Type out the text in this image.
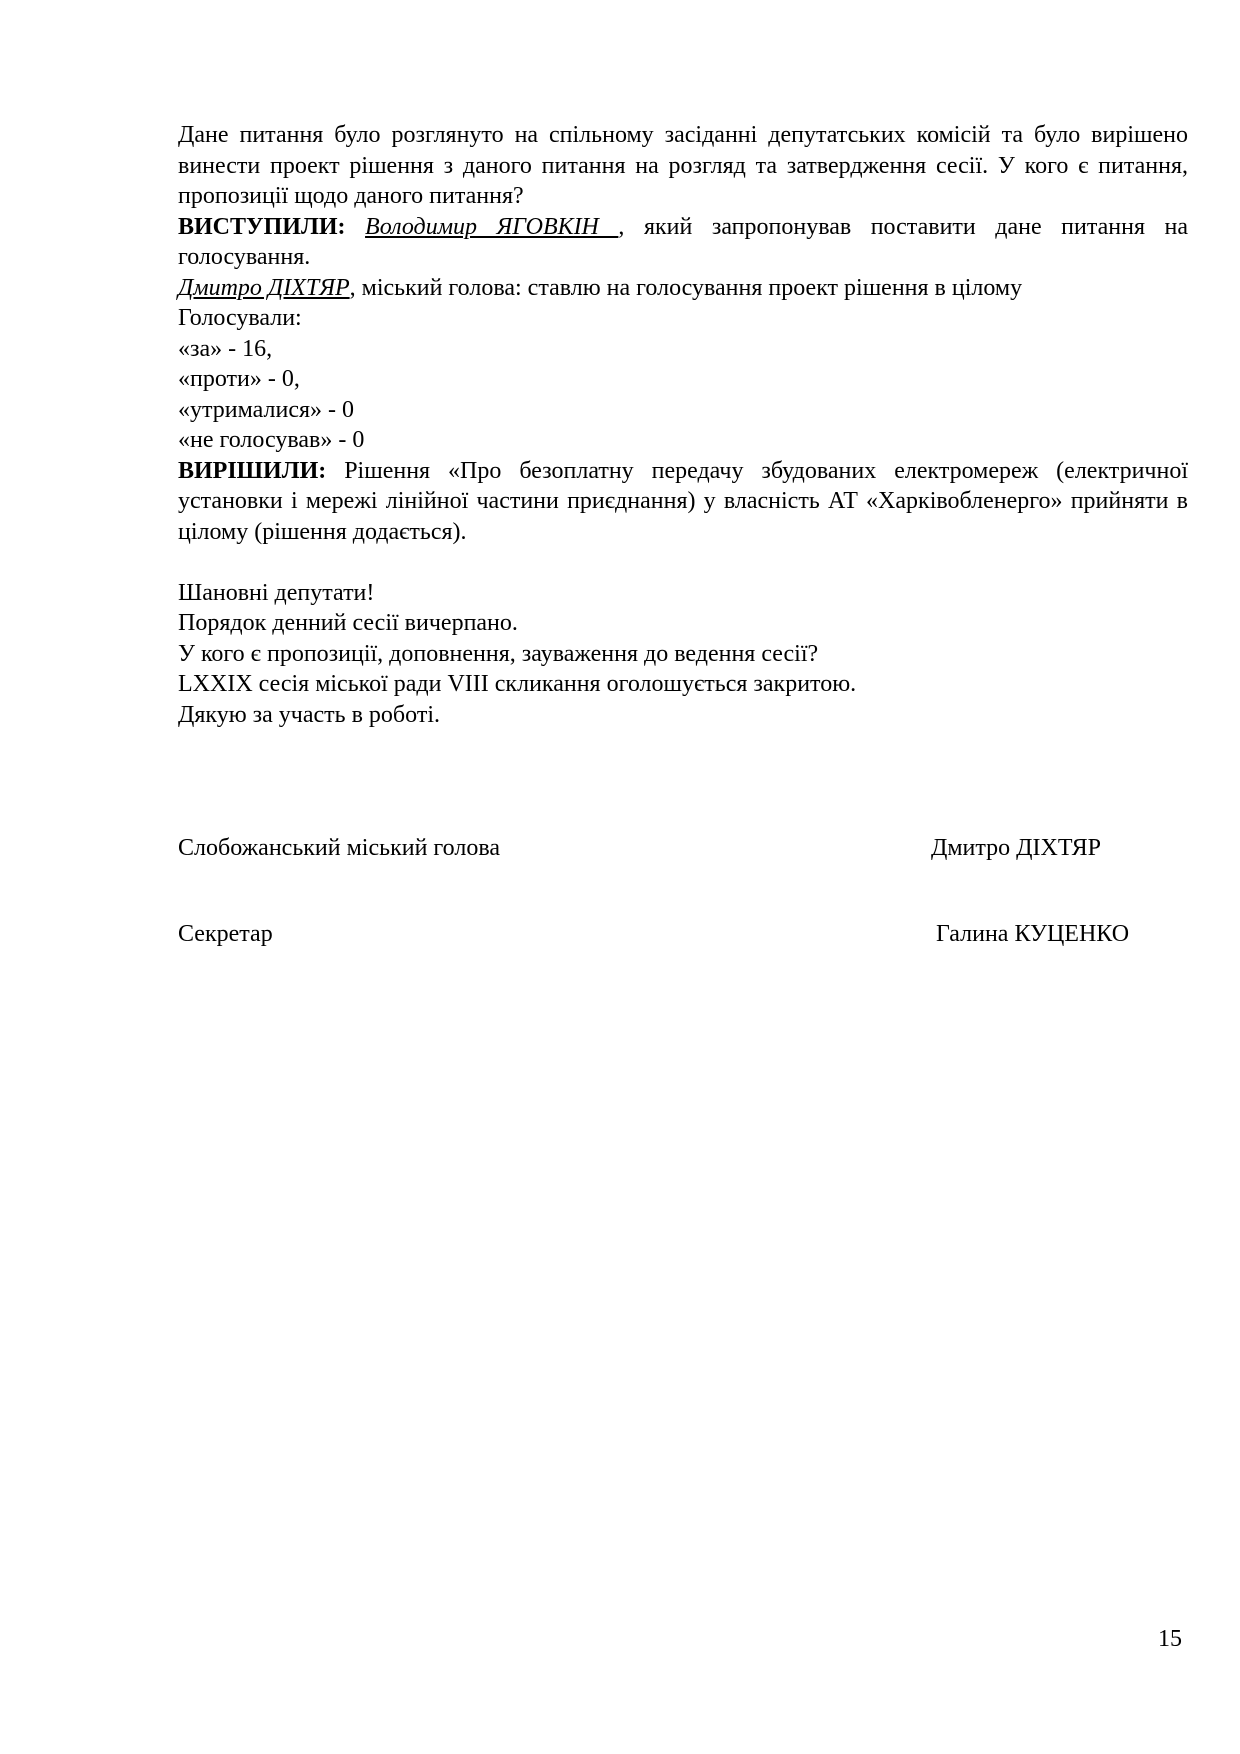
Дане питання було розглянуто на спільному засіданні депутатських комісій та було вирішено винести проект рішення з даного питання на розгляд та затвердження сесії. У кого є питання, пропозиції щодо даного питання?

ВИСТУПИЛИ: Володимир ЯГОВКІН , який запропонував поставити дане питання на голосування.

Дмитро ДІХТЯР, міський голова: ставлю на голосування проект рішення в цілому

Голосували:

«за» - 16,

«проти» - 0,

«утрималися» - 0

«не голосував» - 0

ВИРІШИЛИ: Рішення «Про безоплатну передачу збудованих електромереж (електричної установки і мережі лінійної частини приєднання) у власність АТ «Харківобленерго» прийняти в цілому (рішення додається).

Шановні депутати!

Порядок денний сесії вичерпано.

У кого є пропозиції, доповнення, зауваження до ведення сесії?

LXXIX сесія міської ради VIII скликання оголошується закритою.

Дякую за участь в роботі.

Слобожанський міський голова	Дмитро ДІХТЯР
Секретар	Галина КУЦЕНКО
15
